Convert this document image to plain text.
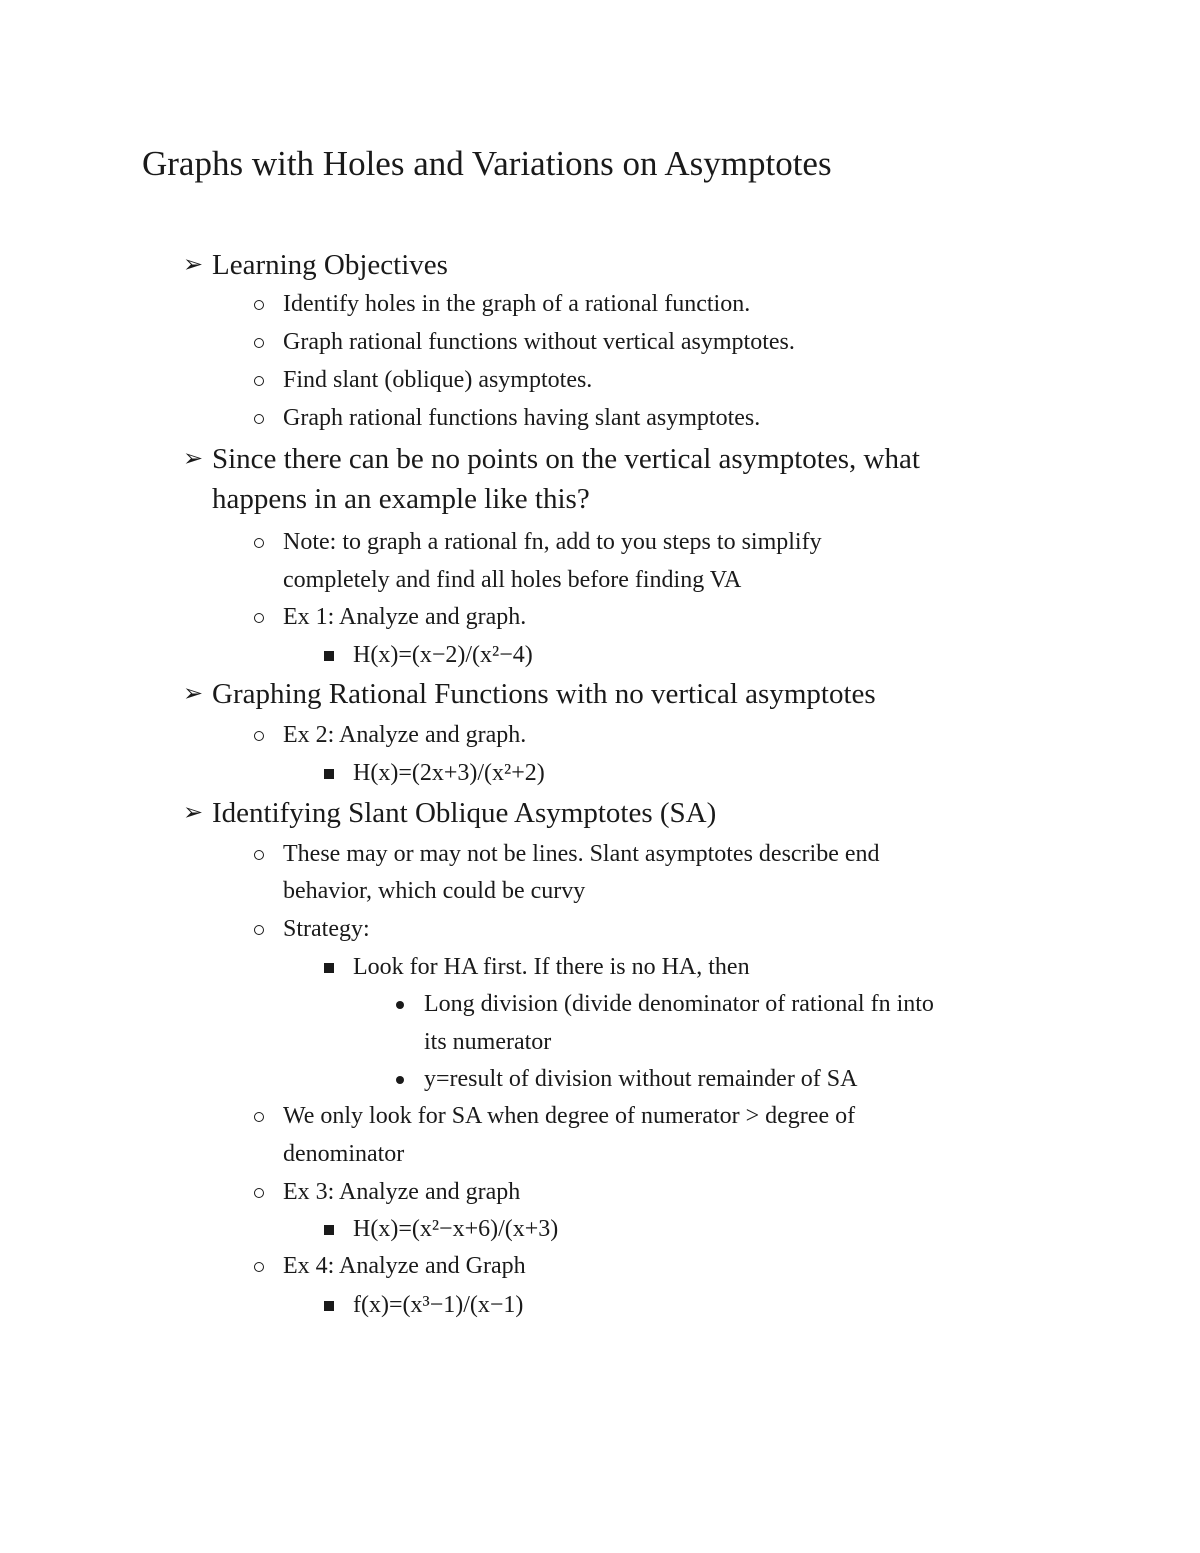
Graphs with Holes and Variations on Asymptotes
➢ Learning Objectives
Identify holes in the graph of a rational function.
Graph rational functions without vertical asymptotes.
Find slant (oblique) asymptotes.
Graph rational functions having slant asymptotes.
➢ Since there can be no points on the vertical asymptotes, what
happens in an example like this?
Note: to graph a rational fn, add to you steps to simplify
completely and find all holes before finding VA
Ex 1: Analyze and graph.
H(x)=(x−2)/(x²−4)
➢ Graphing Rational Functions with no vertical asymptotes
Ex 2: Analyze and graph.
H(x)=(2x+3)/(x²+2)
➢ Identifying Slant Oblique Asymptotes (SA)
These may or may not be lines. Slant asymptotes describe end
behavior, which could be curvy
Strategy:
Look for HA first. If there is no HA, then
Long division (divide denominator of rational fn into
its numerator
y=result of division without remainder of SA
We only look for SA when degree of numerator > degree of
denominator
Ex 3: Analyze and graph
H(x)=(x²−x+6)/(x+3)
Ex 4: Analyze and Graph
f(x)=(x³−1)/(x−1)
